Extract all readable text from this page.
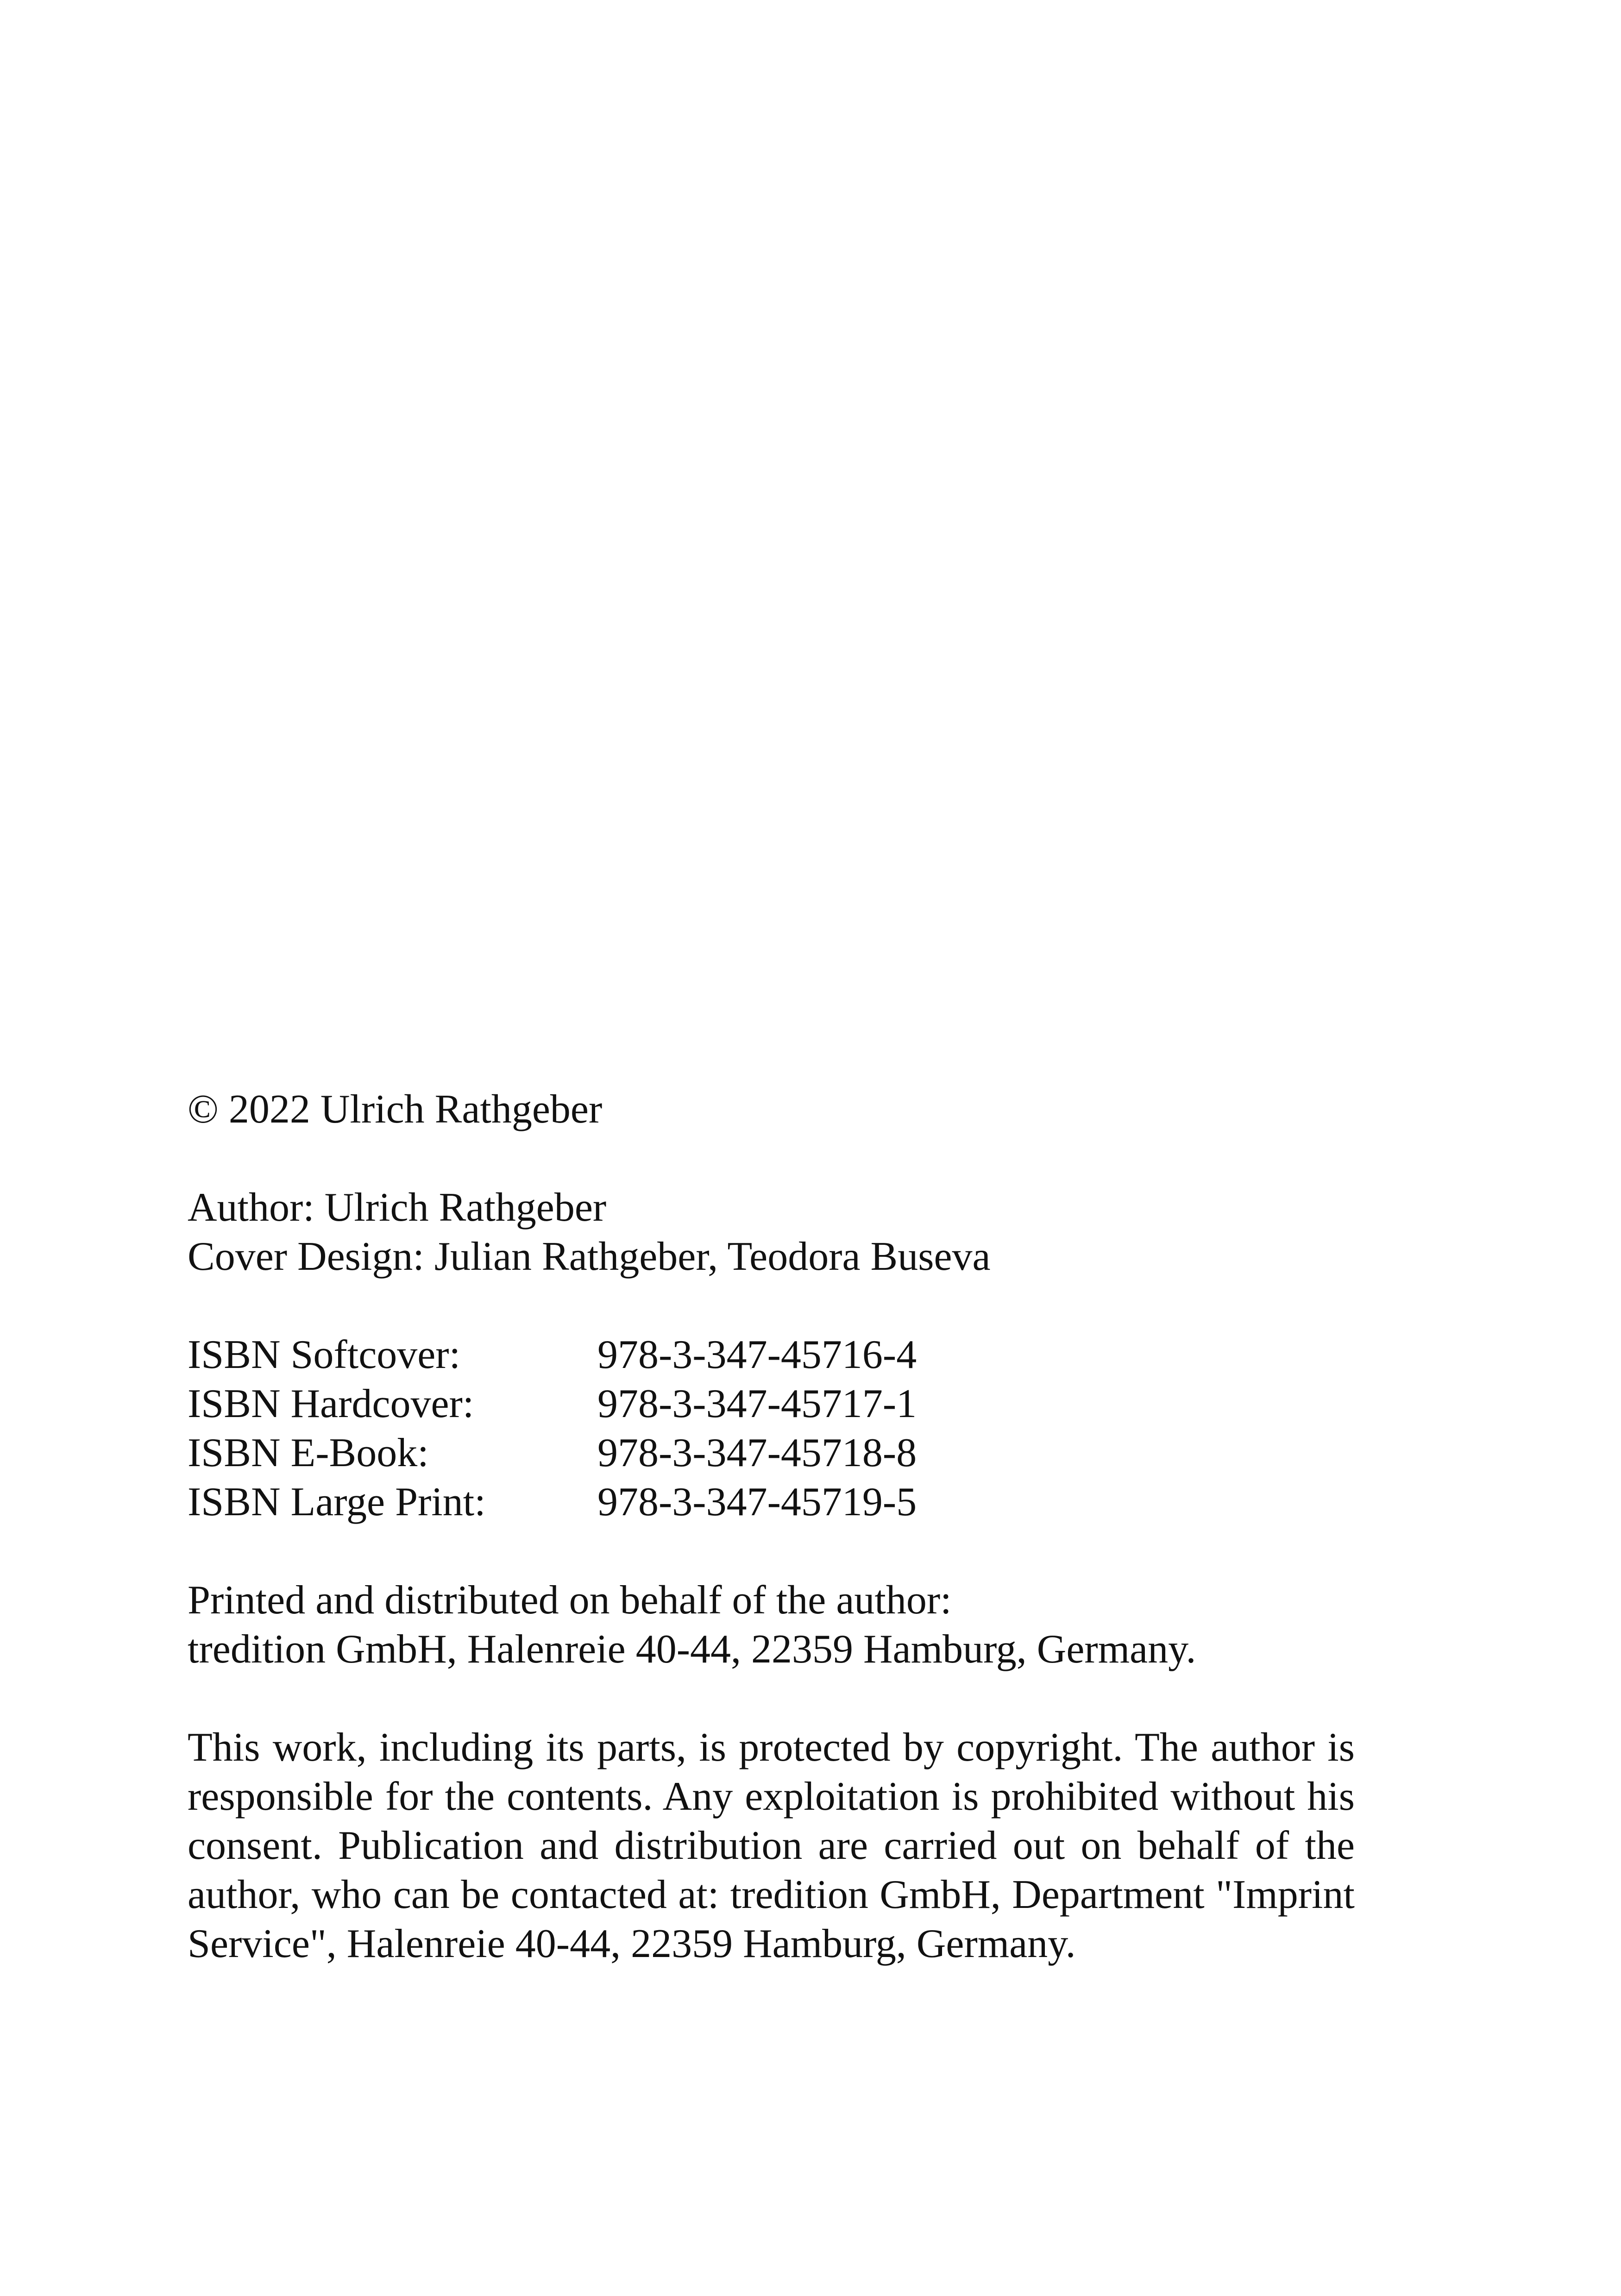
© 2022 Ulrich Rathgeber
Author: Ulrich Rathgeber
Cover Design: Julian Rathgeber, Teodora Buseva
ISBN Softcover:	978-3-347-45716-4
ISBN Hardcover:	978-3-347-45717-1
ISBN E-Book:	978-3-347-45718-8
ISBN Large Print:	978-3-347-45719-5
Printed and distributed on behalf of the author:
tredition GmbH, Halenreie 40-44, 22359 Hamburg, Germany.

This work, including its parts, is protected by copyright. The author is responsible for the contents. Any exploitation is prohibited without his consent. Publication and distribution are carried out on behalf of the author, who can be contacted at: tredition GmbH, Department "Imprint Service", Halenreie 40-44, 22359 Hamburg, Germany.
